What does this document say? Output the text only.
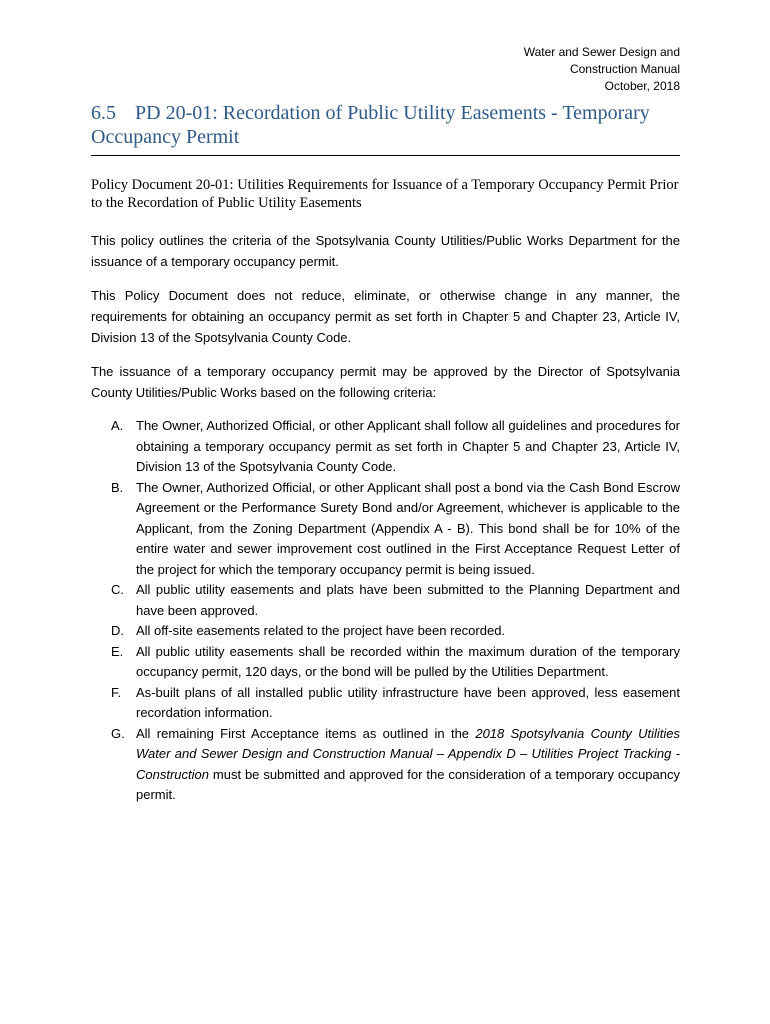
Water and Sewer Design and
Construction Manual
October, 2018
6.5 PD 20-01: Recordation of Public Utility Easements - Temporary Occupancy Permit
Policy Document 20-01: Utilities Requirements for Issuance of a Temporary Occupancy Permit Prior to the Recordation of Public Utility Easements

This policy outlines the criteria of the Spotsylvania County Utilities/Public Works Department for the issuance of a temporary occupancy permit.

This Policy Document does not reduce, eliminate, or otherwise change in any manner, the requirements for obtaining an occupancy permit as set forth in Chapter 5 and Chapter 23, Article IV, Division 13 of the Spotsylvania County Code.

The issuance of a temporary occupancy permit may be approved by the Director of Spotsylvania County Utilities/Public Works based on the following criteria:

A. The Owner, Authorized Official, or other Applicant shall follow all guidelines and procedures for obtaining a temporary occupancy permit as set forth in Chapter 5 and Chapter 23, Article IV, Division 13 of the Spotsylvania County Code.
B. The Owner, Authorized Official, or other Applicant shall post a bond via the Cash Bond Escrow Agreement or the Performance Surety Bond and/or Agreement, whichever is applicable to the Applicant, from the Zoning Department (Appendix A - B). This bond shall be for 10% of the entire water and sewer improvement cost outlined in the First Acceptance Request Letter of the project for which the temporary occupancy permit is being issued.
C. All public utility easements and plats have been submitted to the Planning Department and have been approved.
D. All off-site easements related to the project have been recorded.
E. All public utility easements shall be recorded within the maximum duration of the temporary occupancy permit, 120 days, or the bond will be pulled by the Utilities Department.
F. As-built plans of all installed public utility infrastructure have been approved, less easement recordation information.
G. All remaining First Acceptance items as outlined in the 2018 Spotsylvania County Utilities Water and Sewer Design and Construction Manual – Appendix D – Utilities Project Tracking - Construction must be submitted and approved for the consideration of a temporary occupancy permit.
